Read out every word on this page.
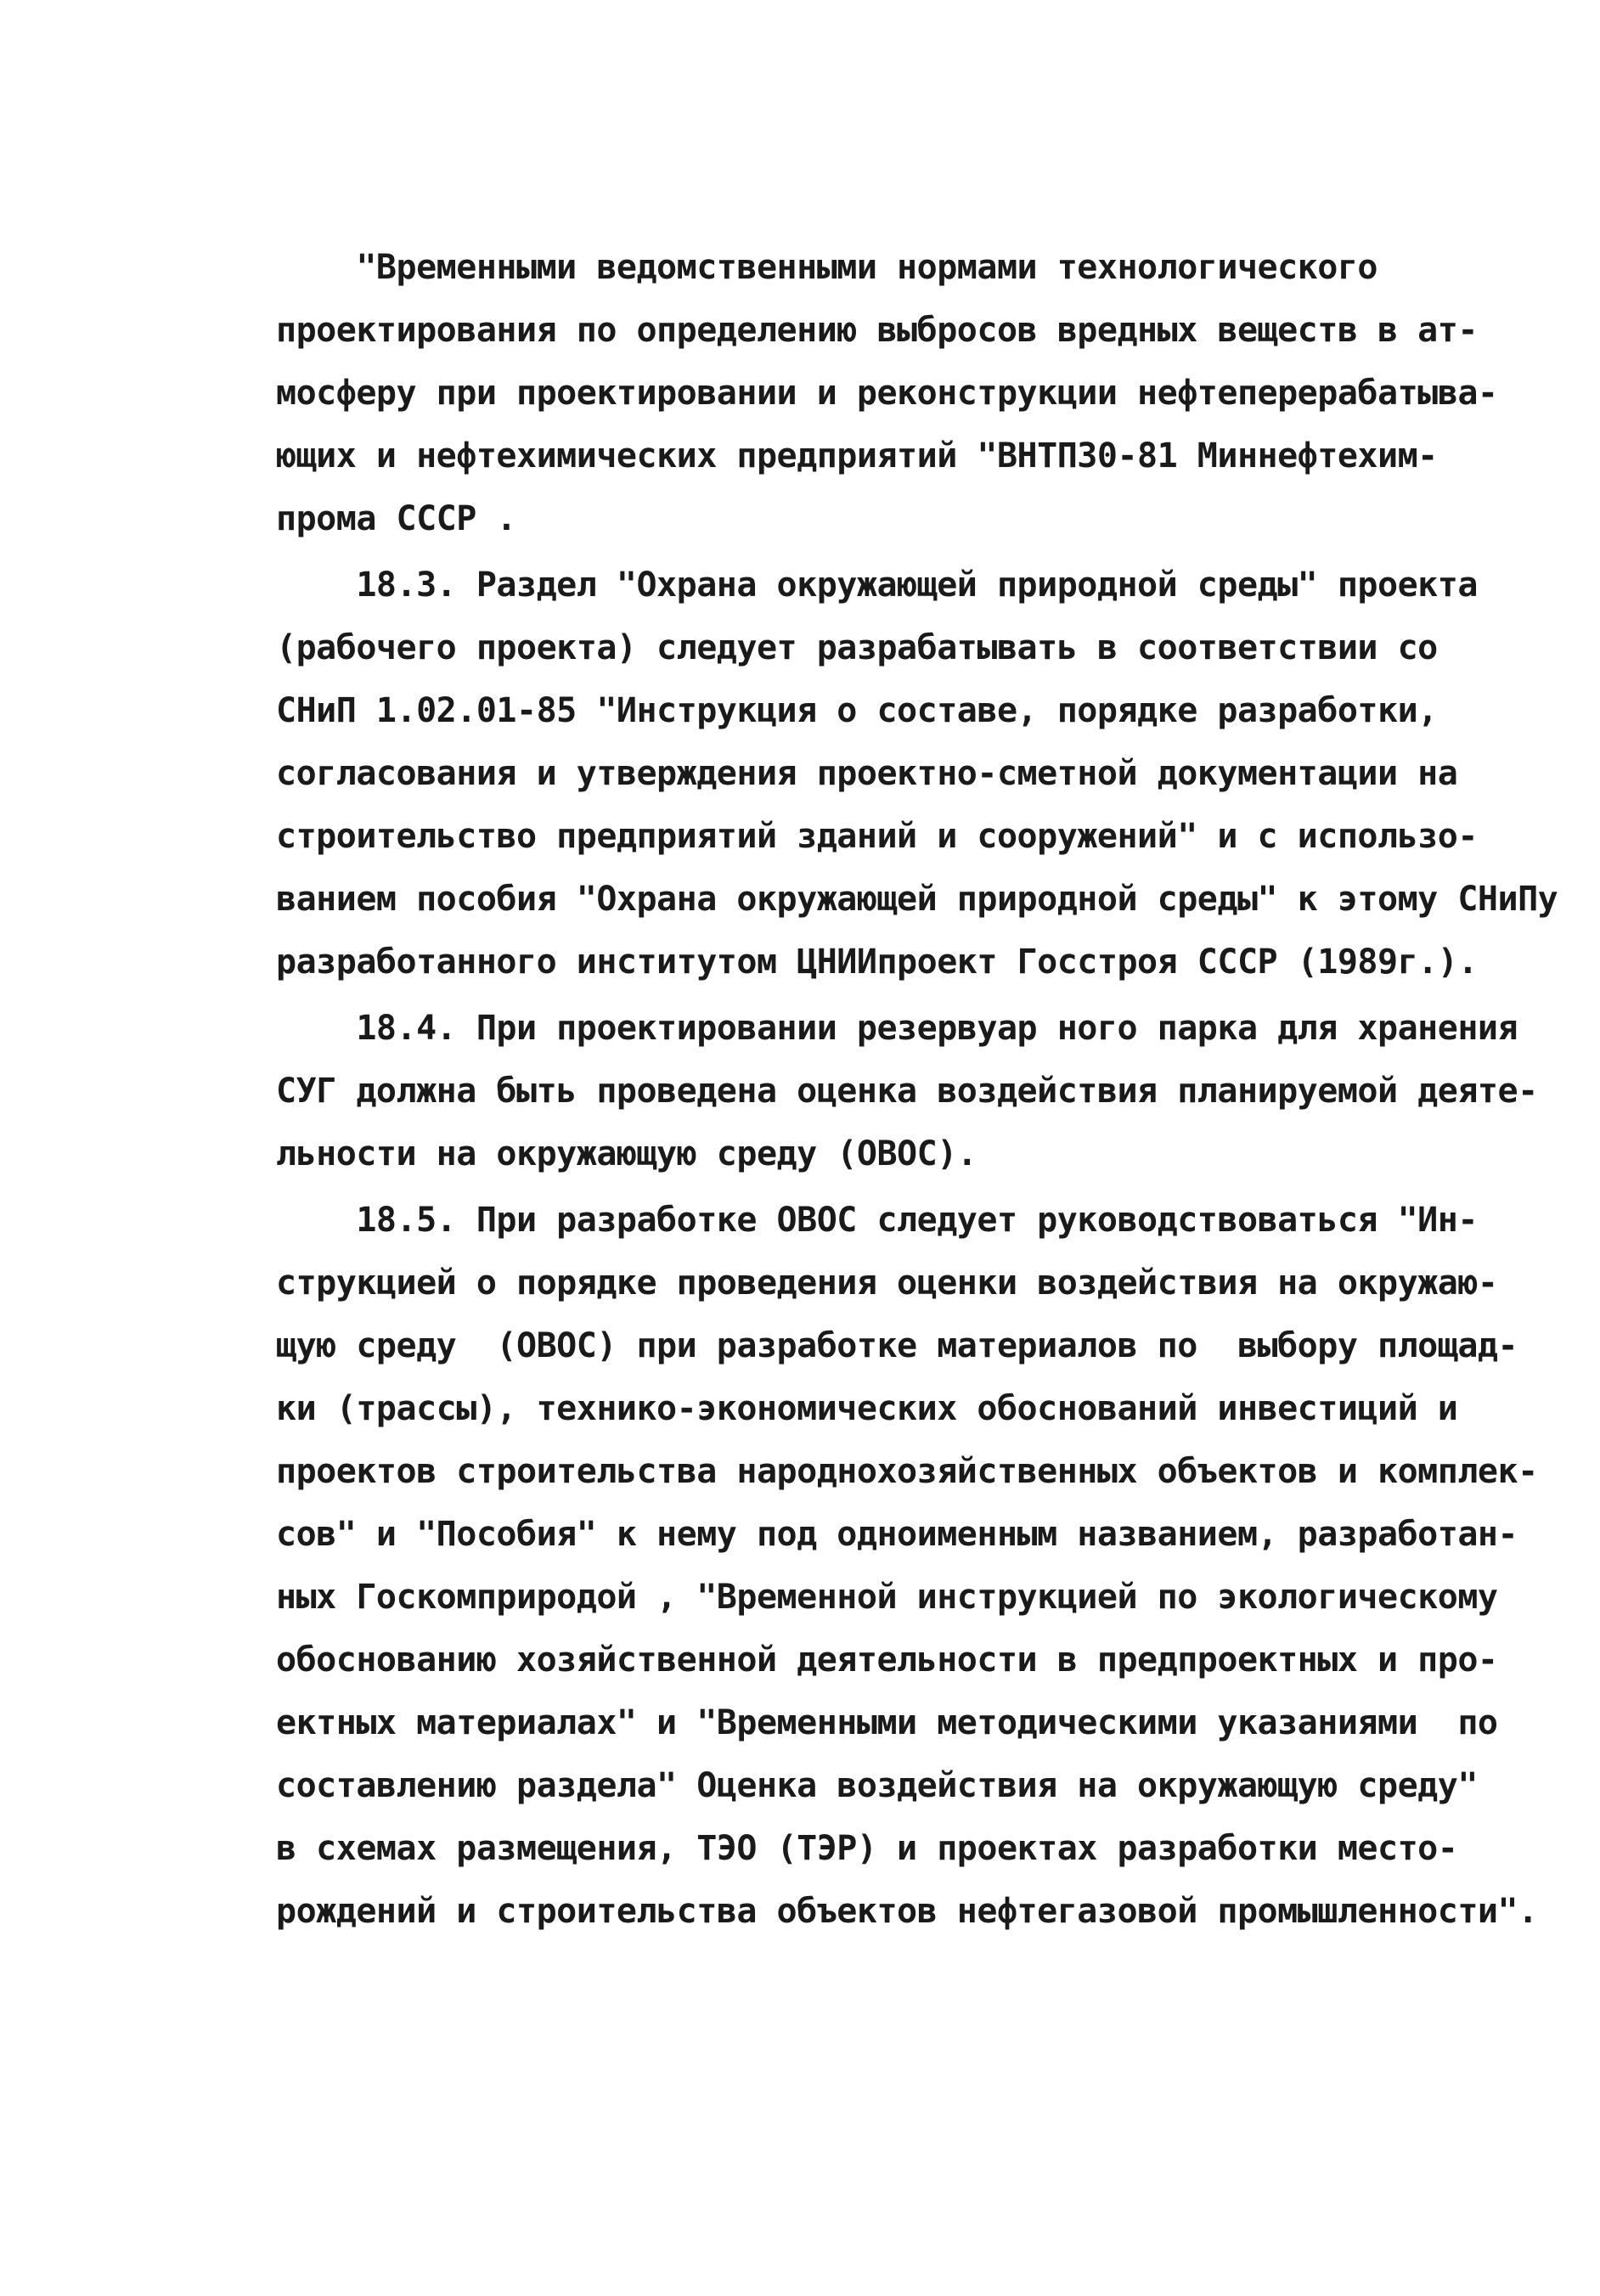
"Временными ведомственными нормами технологического
проектирования по определению выбросов вредных веществ в ат-
мосферу при проектировании и реконструкции нефтеперерабатыва-
ющих и нефтехимических предприятий "ВНТП30-81 Миннефтехим-
прома СССР .
18.3. Раздел "Охрана окружающей природной среды" проекта
(рабочего проекта) следует разрабатывать в соответствии со
СНиП 1.02.01-85 "Инструкция о составе, порядке разработки,
согласования и утверждения проектно-сметной документации на
строительство предприятий зданий и сооружений" и с использо-
ванием пособия "Охрана окружающей природной среды" к этому СНиПу
разработанного институтом ЦНИИпроект Госстроя СССР (1989г.).
18.4. При проектировании резервуар ного парка для хранения
СУГ должна быть проведена оценка воздействия планируемой деяте-
льности на окружающую среду (ОВОС).
18.5. При разработке ОВОС следует руководствоваться "Ин-
струкцией о порядке проведения оценки воздействия на окружаю-
щую среду  (ОВОС) при разработке материалов по  выбору площад-
ки (трассы), технико-экономических обоснований инвестиций и
проектов строительства народнохозяйственных объектов и комплек-
сов" и "Пособия" к нему под одноименным названием, разработан-
ных Госкомприродой , "Временной инструкцией по экологическому
обоснованию хозяйственной деятельности в предпроектных и про-
ектных материалах" и "Временными методическими указаниями  по
составлению раздела" Оценка воздействия на окружающую среду"
в схемах размещения, ТЭО (ТЭР) и проектах разработки место-
рождений и строительства объектов нефтегазовой промышленности".
